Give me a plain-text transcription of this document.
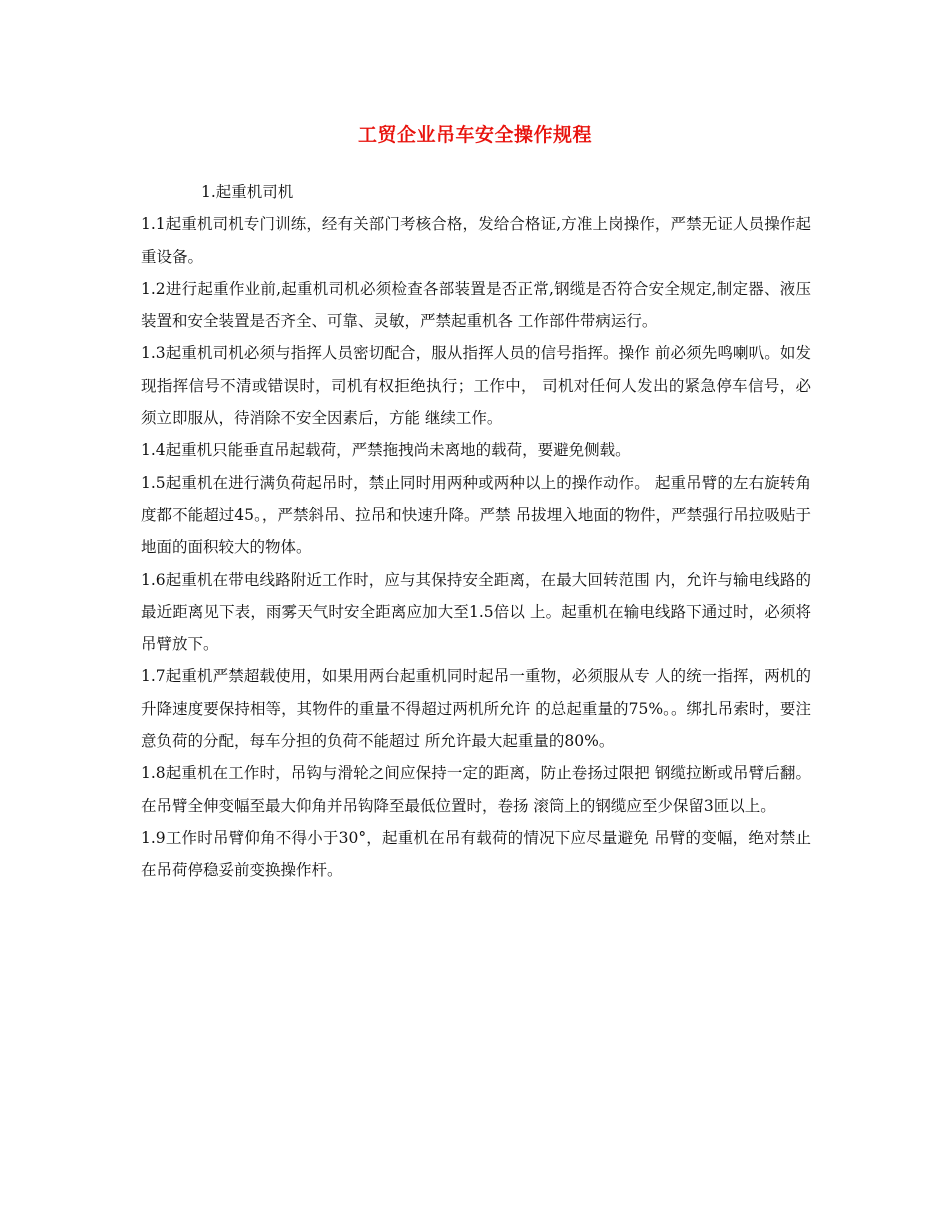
工贸企业吊车安全操作规程

1.起重机司机

1.1起重机司机专门训练，经有关部门考核合格，发给合格证,方准上岗操作，严禁无证人员操作起重设备。

1.2进行起重作业前,起重机司机必须检查各部装置是否正常,钢缆是否符合安全规定,制定器、液压装置和安全装置是否齐全、可靠、灵敏，严禁起重机各 工作部件带病运行。

1.3起重机司机必须与指挥人员密切配合，服从指挥人员的信号指挥。操作 前必须先鸣喇叭。如发现指挥信号不清或错误时，司机有权拒绝执行；工作中， 司机对任何人发出的紧急停车信号，必须立即服从，待消除不安全因素后，方能 继续工作。

1.4起重机只能垂直吊起载荷，严禁拖拽尚未离地的载荷，要避免侧载。

1.5起重机在进行满负荷起吊时，禁止同时用两种或两种以上的操作动作。 起重吊臂的左右旋转角度都不能超过45。，严禁斜吊、拉吊和快速升降。严禁 吊拔埋入地面的物件，严禁强行吊拉吸贴于地面的面积较大的物体。

1.6起重机在带电线路附近工作时，应与其保持安全距离，在最大回转范围 内，允许与输电线路的最近距离见下表，雨雾天气时安全距离应加大至1.5倍以 上。起重机在输电线路下通过时，必须将吊臂放下。

1.7起重机严禁超载使用，如果用两台起重机同时起吊一重物，必须服从专 人的统一指挥，两机的升降速度要保持相等，其物件的重量不得超过两机所允许 的总起重量的75%。。绑扎吊索时，要注意负荷的分配，每车分担的负荷不能超过 所允许最大起重量的80%。

1.8起重机在工作时，吊钩与滑轮之间应保持一定的距离，防止卷扬过限把 钢缆拉断或吊臂后翻。在吊臂全伸变幅至最大仰角并吊钩降至最低位置时，卷扬 滚筒上的钢缆应至少保留3匝以上。

1.9工作时吊臂仰角不得小于30°，起重机在吊有载荷的情况下应尽量避免 吊臂的变幅，绝对禁止在吊荷停稳妥前变换操作杆。
